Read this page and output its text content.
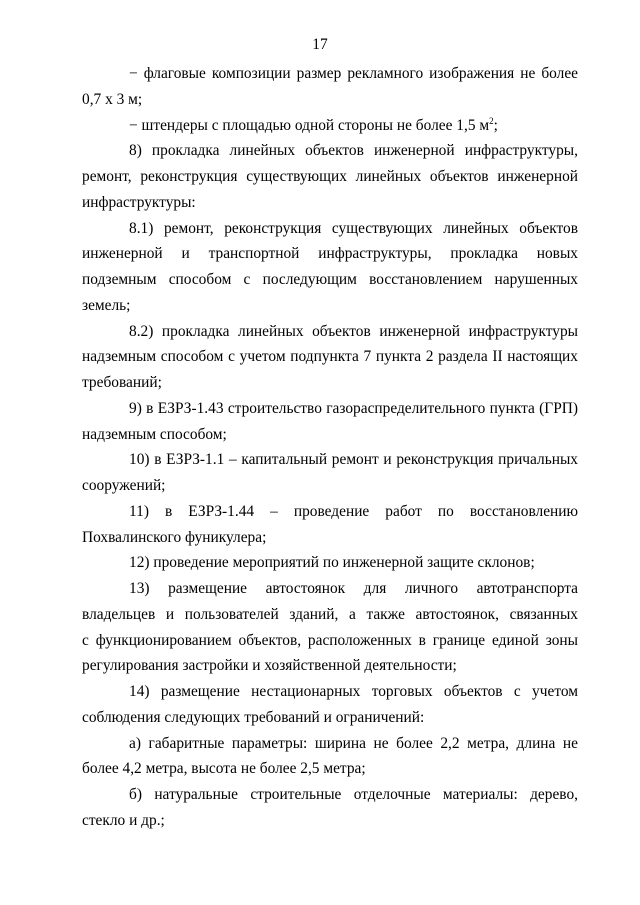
17

− флаговые композиции размер рекламного изображения не более 0,7 х 3 м;

− штендеры с площадью одной стороны не более 1,5 $м^2$;

8) прокладка линейных объектов инженерной инфраструктуры, ремонт, реконструкция существующих линейных объектов инженерной инфраструктуры:

8.1) ремонт, реконструкция существующих линейных объектов инженерной и транспортной инфраструктуры, прокладка новых подземным способом с последующим восстановлением нарушенных земель;

8.2) прокладка линейных объектов инженерной инфраструктуры надземным способом с учетом подпункта 7 пункта 2 раздела II настоящих требований;

9) в ЕЗРЗ-1.43 строительство газораспределительного пункта (ГРП) надземным способом;

10) в ЕЗРЗ-1.1 – капитальный ремонт и реконструкция причальных сооружений;

11) в ЕЗРЗ-1.44 – проведение работ по восстановлению Похвалинского фуникулера;

12) проведение мероприятий по инженерной защите склонов;

13) размещение автостоянок для личного автотранспорта владельцев и пользователей зданий, а также автостоянок, связанных

с функционированием объектов, расположенных в границе единой зоны регулирования застройки и хозяйственной деятельности;

14) размещение нестационарных торговых объектов с учетом соблюдения следующих требований и ограничений:

а) габаритные параметры: ширина не более 2,2 метра, длина не более 4,2 метра, высота не более 2,5 метра;

б) натуральные строительные отделочные материалы: дерево, стекло и др.;
